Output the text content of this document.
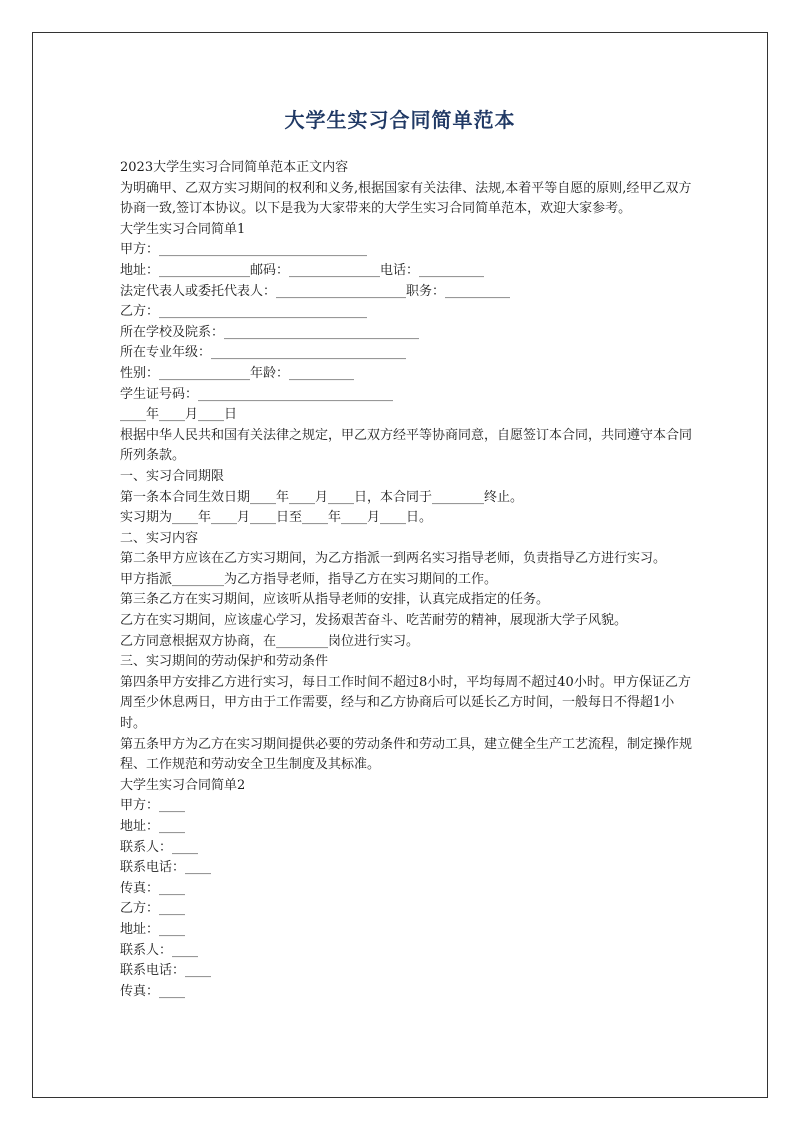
大学生实习合同简单范本

2023大学生实习合同简单范本正文内容

为明确甲、乙双方实习期间的权利和义务,根据国家有关法律、法规,本着平等自愿的原则,经甲乙双方协商一致,签订本协议。以下是我为大家带来的大学生实习合同简单范本，欢迎大家参考。

大学生实习合同简单1

甲方：________________________________

地址：______________邮码：______________电话：__________

法定代表人或委托代表人：____________________职务：__________

乙方：________________________________

所在学校及院系：______________________________

所在专业年级：______________________________

性别：______________年龄：__________

学生证号码：______________________________

____年____月____日

根据中华人民共和国有关法律之规定，甲乙双方经平等协商同意，自愿签订本合同，共同遵守本合同所列条款。

一、实习合同期限

第一条本合同生效日期____年____月____日，本合同于________终止。

实习期为____年____月____日至____年____月____日。

二、实习内容

第二条甲方应该在乙方实习期间，为乙方指派一到两名实习指导老师，负责指导乙方进行实习。

甲方指派________为乙方指导老师，指导乙方在实习期间的工作。

第三条乙方在实习期间，应该听从指导老师的安排，认真完成指定的任务。

乙方在实习期间，应该虚心学习，发扬艰苦奋斗、吃苦耐劳的精神，展现浙大学子风貌。

乙方同意根据双方协商，在________岗位进行实习。

三、实习期间的劳动保护和劳动条件

第四条甲方安排乙方进行实习，每日工作时间不超过8小时，平均每周不超过40小时。甲方保证乙方周至少休息两日，甲方由于工作需要，经与和乙方协商后可以延长乙方时间，一般每日不得超1小时。

第五条甲方为乙方在实习期间提供必要的劳动条件和劳动工具，建立健全生产工艺流程，制定操作规程、工作规范和劳动安全卫生制度及其标准。

大学生实习合同简单2

甲方：____

地址：____

联系人：____

联系电话：____

传真：____

乙方：____

地址：____

联系人：____

联系电话：____

传真：____
